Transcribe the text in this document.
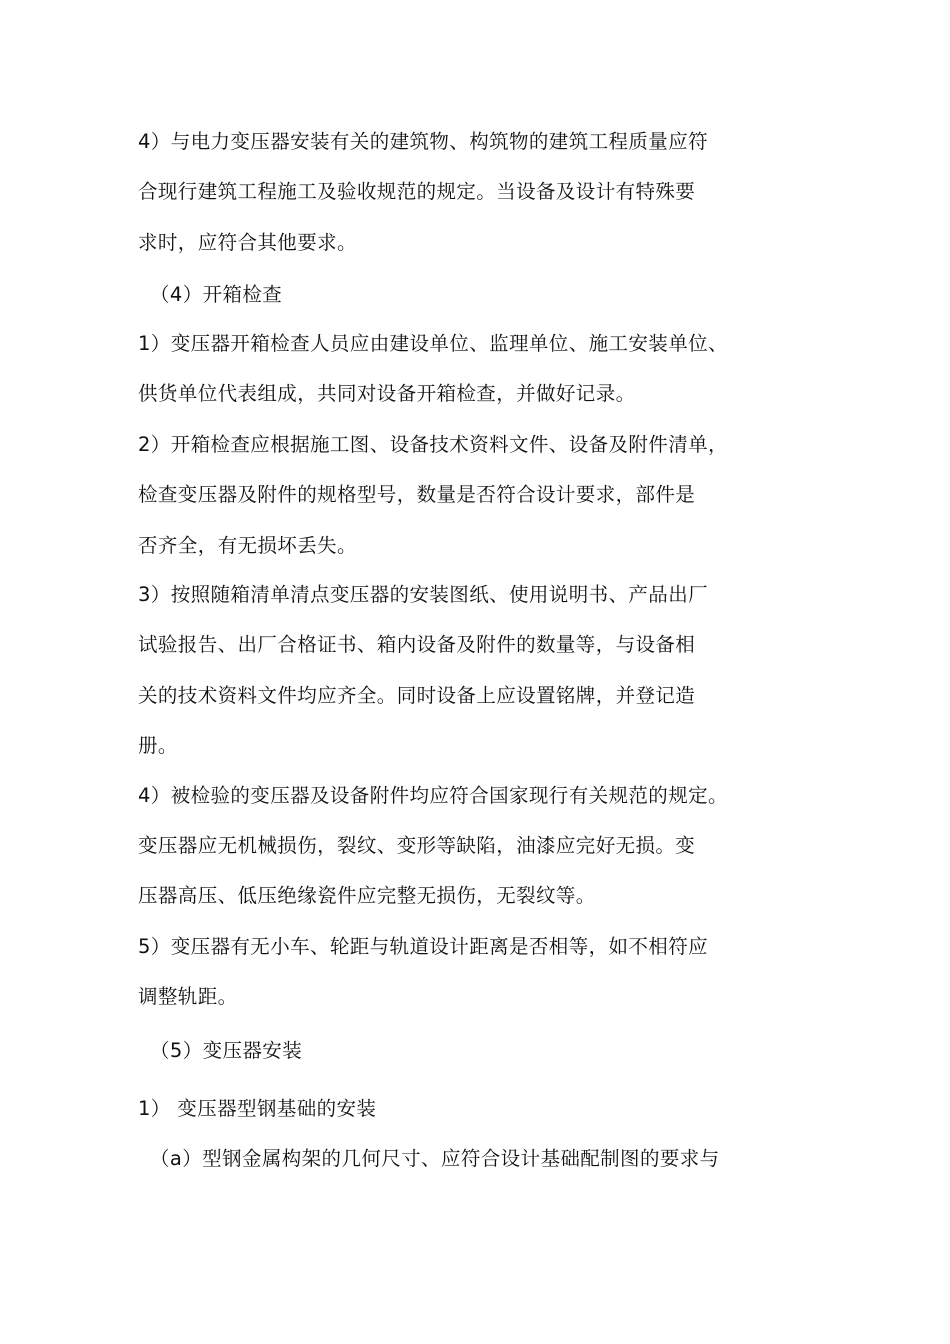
4）与电力变压器安装有关的建筑物、构筑物的建筑工程质量应符
合现行建筑工程施工及验收规范的规定。当设备及设计有特殊要
求时，应符合其他要求。
（4）开箱检查
1）变压器开箱检查人员应由建设单位、监理单位、施工安装单位、
供货单位代表组成，共同对设备开箱检查，并做好记录。
2）开箱检查应根据施工图、设备技术资料文件、设备及附件清单，
检查变压器及附件的规格型号，数量是否符合设计要求，部件是
否齐全，有无损坏丢失。
3）按照随箱清单清点变压器的安装图纸、使用说明书、产品出厂
试验报告、出厂合格证书、箱内设备及附件的数量等，与设备相
关的技术资料文件均应齐全。同时设备上应设置铭牌，并登记造
册。
4）被检验的变压器及设备附件均应符合国家现行有关规范的规定。
变压器应无机械损伤，裂纹、变形等缺陷，油漆应完好无损。变
压器高压、低压绝缘瓷件应完整无损伤，无裂纹等。
5）变压器有无小车、轮距与轨道设计距离是否相等，如不相符应
调整轨距。
（5）变压器安装
1） 变压器型钢基础的安装
（a）型钢金属构架的几何尺寸、应符合设计基础配制图的要求与
